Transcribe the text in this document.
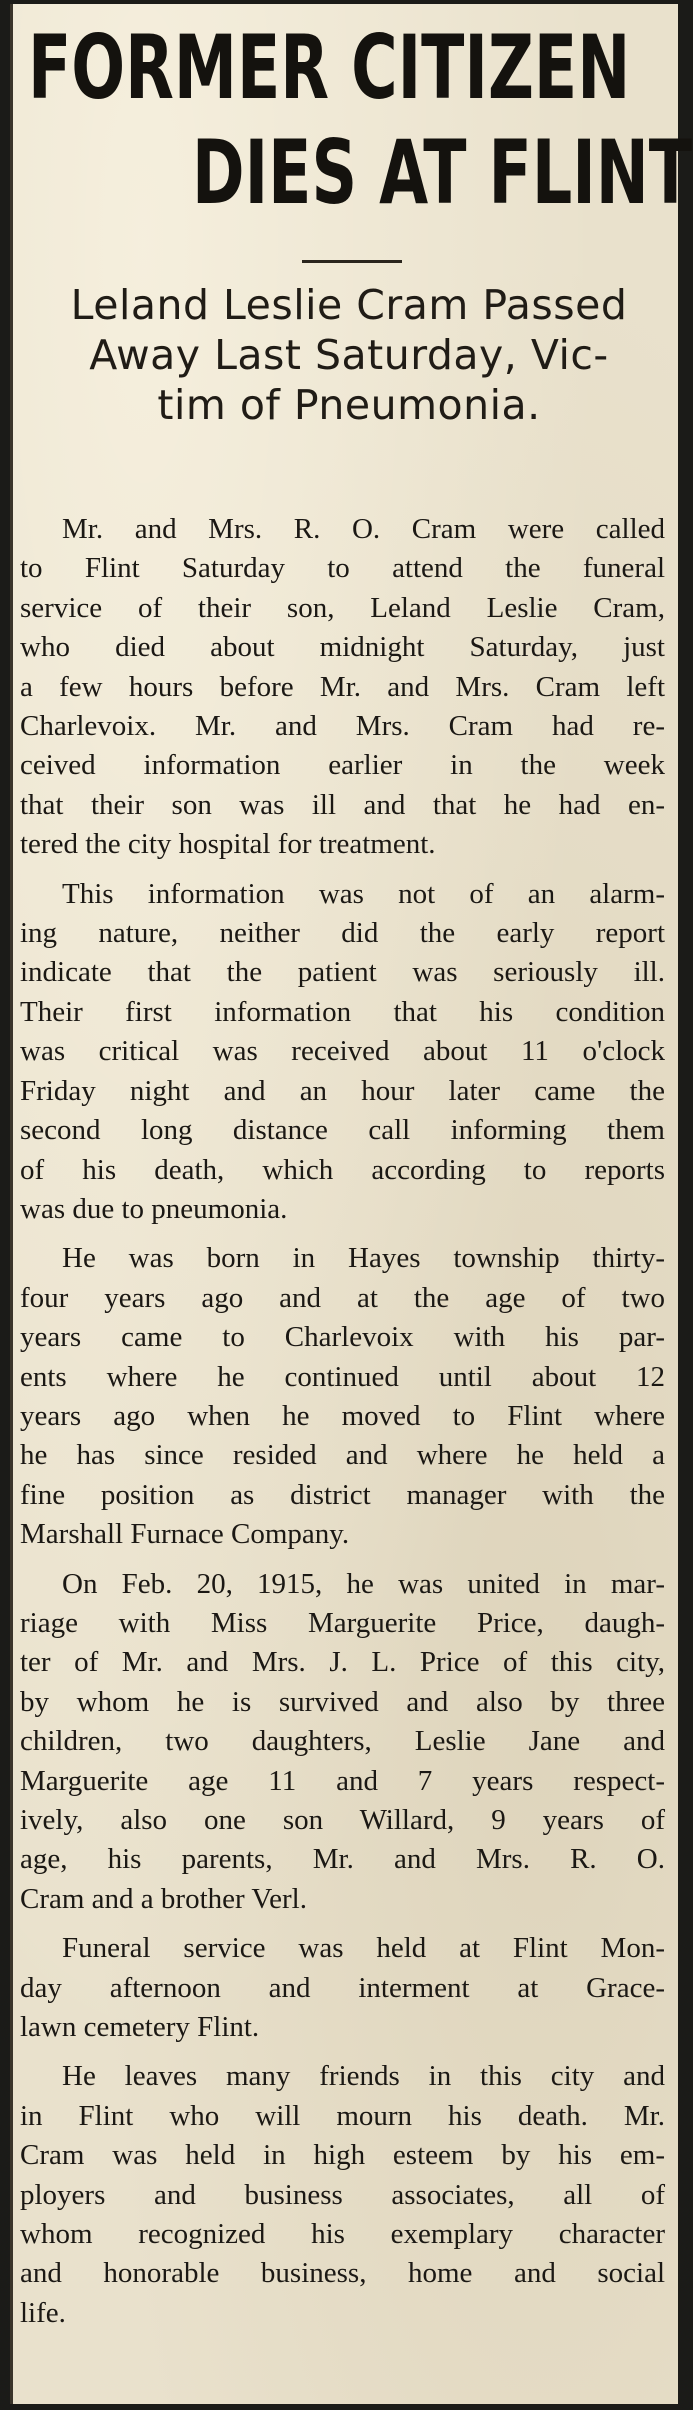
FORMER CITIZEN
DIES AT FLINT
Leland Leslie Cram Passed
Away Last Saturday, Vic-
tim of Pneumonia.

Mr. and Mrs. R. O. Cram were called
to Flint Saturday to attend the funeral
service of their son, Leland Leslie Cram,
who died about midnight Saturday, just
a few hours before Mr. and Mrs. Cram left
Charlevoix. Mr. and Mrs. Cram had re-
ceived information earlier in the week
that their son was ill and that he had en-
tered the city hospital for treatment.

This information was not of an alarm-
ing nature, neither did the early report
indicate that the patient was seriously ill.
Their first information that his condition
was critical was received about 11 o'clock
Friday night and an hour later came the
second long distance call informing them
of his death, which according to reports
was due to pneumonia.

He was born in Hayes township thirty-
four years ago and at the age of two
years came to Charlevoix with his par-
ents where he continued until about 12
years ago when he moved to Flint where
he has since resided and where he held a
fine position as district manager with the
Marshall Furnace Company.

On Feb. 20, 1915, he was united in mar-
riage with Miss Marguerite Price, daugh-
ter of Mr. and Mrs. J. L. Price of this city,
by whom he is survived and also by three
children, two daughters, Leslie Jane and
Marguerite age 11 and 7 years respect-
ively, also one son Willard, 9 years of
age, his parents, Mr. and Mrs. R. O.
Cram and a brother Verl.

Funeral service was held at Flint Mon-
day afternoon and interment at Grace-
lawn cemetery Flint.

He leaves many friends in this city and
in Flint who will mourn his death. Mr.
Cram was held in high esteem by his em-
ployers and business associates, all of
whom recognized his exemplary character
and honorable business, home and social
life.
